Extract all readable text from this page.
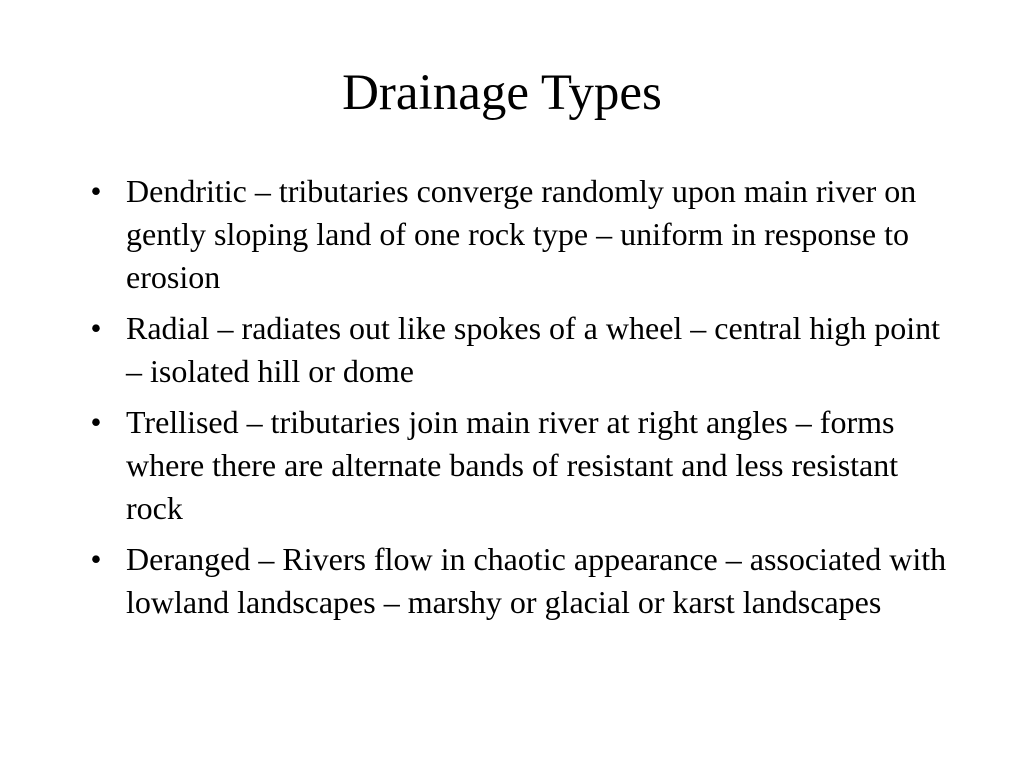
Drainage Types
• Dendritic – tributaries converge randomly upon main river on gently sloping land of one rock type – uniform in response to erosion
• Radial – radiates out like spokes of a wheel – central high point – isolated hill or dome
• Trellised – tributaries join main river at right angles – forms where there are alternate bands of resistant and less resistant rock
• Deranged – Rivers flow in chaotic appearance – associated with lowland landscapes – marshy or glacial or karst landscapes
